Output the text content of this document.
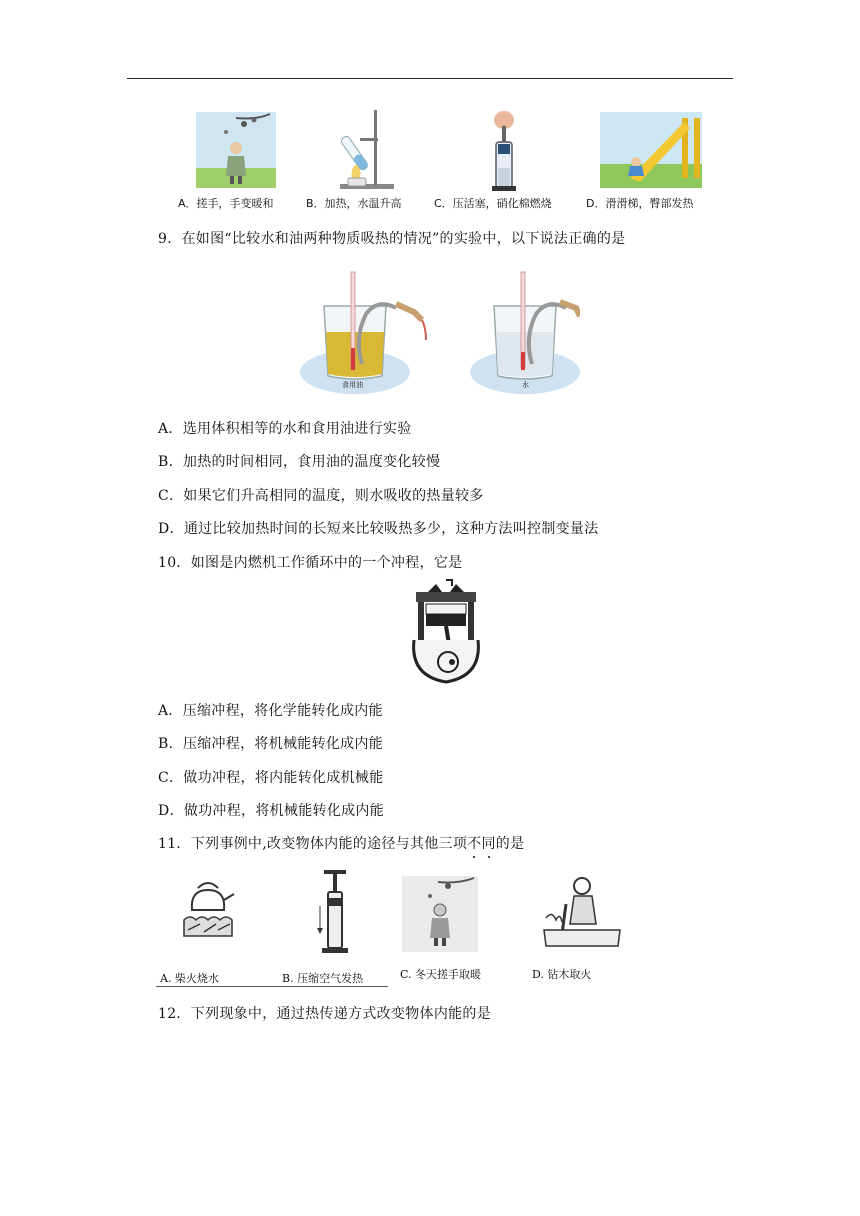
A．搓手，手变暖和	B．加热，水温升高	C．压活塞，硝化棉燃烧	D．滑滑梯，臀部发热
9．在如图“比较水和油两种物质吸热的情况”的实验中，以下说法正确的是
食用油	水
A．选用体积相等的水和食用油进行实验
B．加热的时间相同，食用油的温度变化较慢
C．如果它们升高相同的温度，则水吸收的热量较多
D．通过比较加热时间的长短来比较吸热多少，这种方法叫控制变量法
10．如图是内燃机工作循环中的一个冲程，它是
A．压缩冲程，将化学能转化成内能
B．压缩冲程，将机械能转化成内能
C．做功冲程，将内能转化成机械能
D．做功冲程，将机械能转化成内能
11．下列事例中,改变物体内能的途径与其他三项不
同
的是
A. 柴火烧水	B. 压缩空气发热	C. 冬天搓手取暖	D. 钻木取火
12．下列现象中，通过热传递方式改变物体内能的是
